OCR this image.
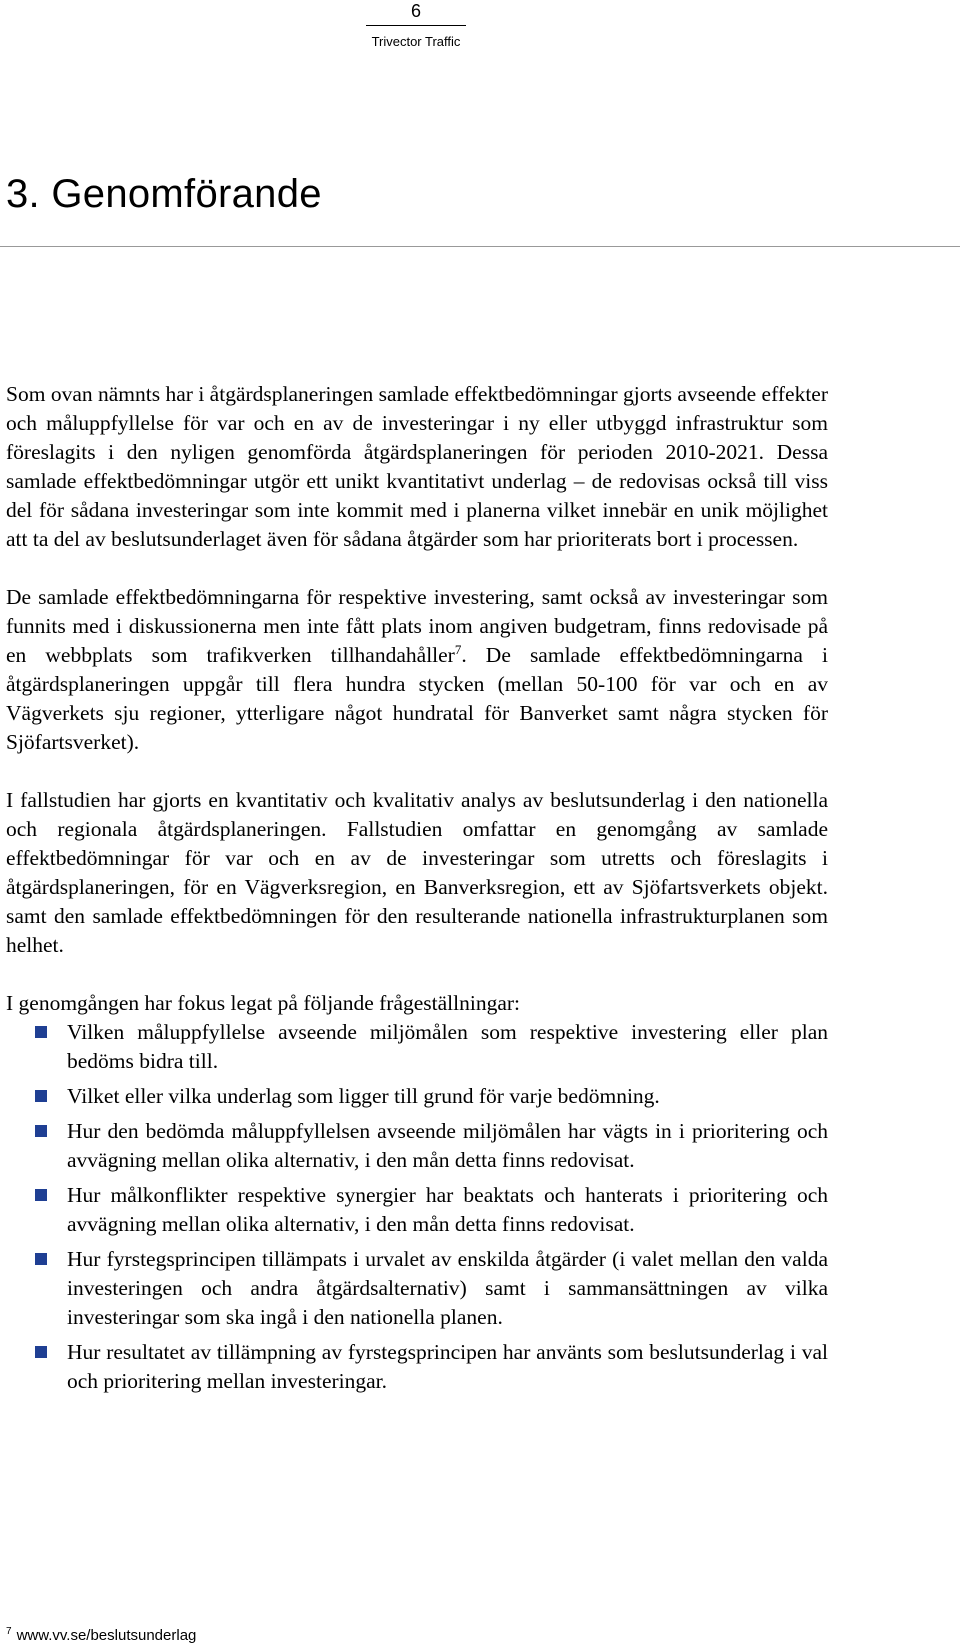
6
Trivector Traffic
3. Genomförande

Som ovan nämnts har i åtgärdsplaneringen samlade effektbedömningar gjorts avseende effekter och måluppfyllelse för var och en av de investeringar i ny eller utbyggd infrastruktur som föreslagits i den nyligen genomförda åtgärdsplaneringen för perioden 2010-2021. Dessa samlade effektbedömningar utgör ett unikt kvantitativt underlag – de redovisas också till viss del för sådana investeringar som inte kommit med i planerna vilket innebär en unik möjlighet att ta del av beslutsunderlaget även för sådana åtgärder som har prioriterats bort i processen.

De samlade effektbedömningarna för respektive investering, samt också av investeringar som funnits med i diskussionerna men inte fått plats inom angiven budgetram, finns redovisade på en webbplats som trafikverken tillhandahåller$^7$. De samlade effektbedömningarna i åtgärdsplaneringen uppgår till flera hundra stycken (mellan 50-100 för var och en av Vägverkets sju regioner, ytterligare något hundratal för Banverket samt några stycken för Sjöfartsverket).

I fallstudien har gjorts en kvantitativ och kvalitativ analys av beslutsunderlag i den nationella och regionala åtgärdsplaneringen. Fallstudien omfattar en genomgång av samlade effektbedömningar för var och en av de investeringar som utretts och föreslagits i åtgärdsplaneringen, för en Vägverksregion, en Banverksregion, ett av Sjöfartsverkets objekt. samt den samlade effektbedömningen för den resulterande nationella infrastrukturplanen som helhet.

I genomgången har fokus legat på följande frågeställningar:

Vilken måluppfyllelse avseende miljömålen som respektive investering eller plan bedöms bidra till.
Vilket eller vilka underlag som ligger till grund för varje bedömning.
Hur den bedömda måluppfyllelsen avseende miljömålen har vägts in i prioritering och avvägning mellan olika alternativ, i den mån detta finns redovisat.
Hur målkonflikter respektive synergier har beaktats och hanterats i prioritering och avvägning mellan olika alternativ, i den mån detta finns redovisat.
Hur fyrstegsprincipen tillämpats i urvalet av enskilda åtgärder (i valet mellan den valda investeringen och andra åtgärdsalternativ) samt i sammansättningen av vilka investeringar som ska ingå i den nationella planen.
Hur resultatet av tillämpning av fyrstegsprincipen har använts som beslutsunderlag i val och prioritering mellan investeringar.
$^7$ www.vv.se/beslutsunderlag
